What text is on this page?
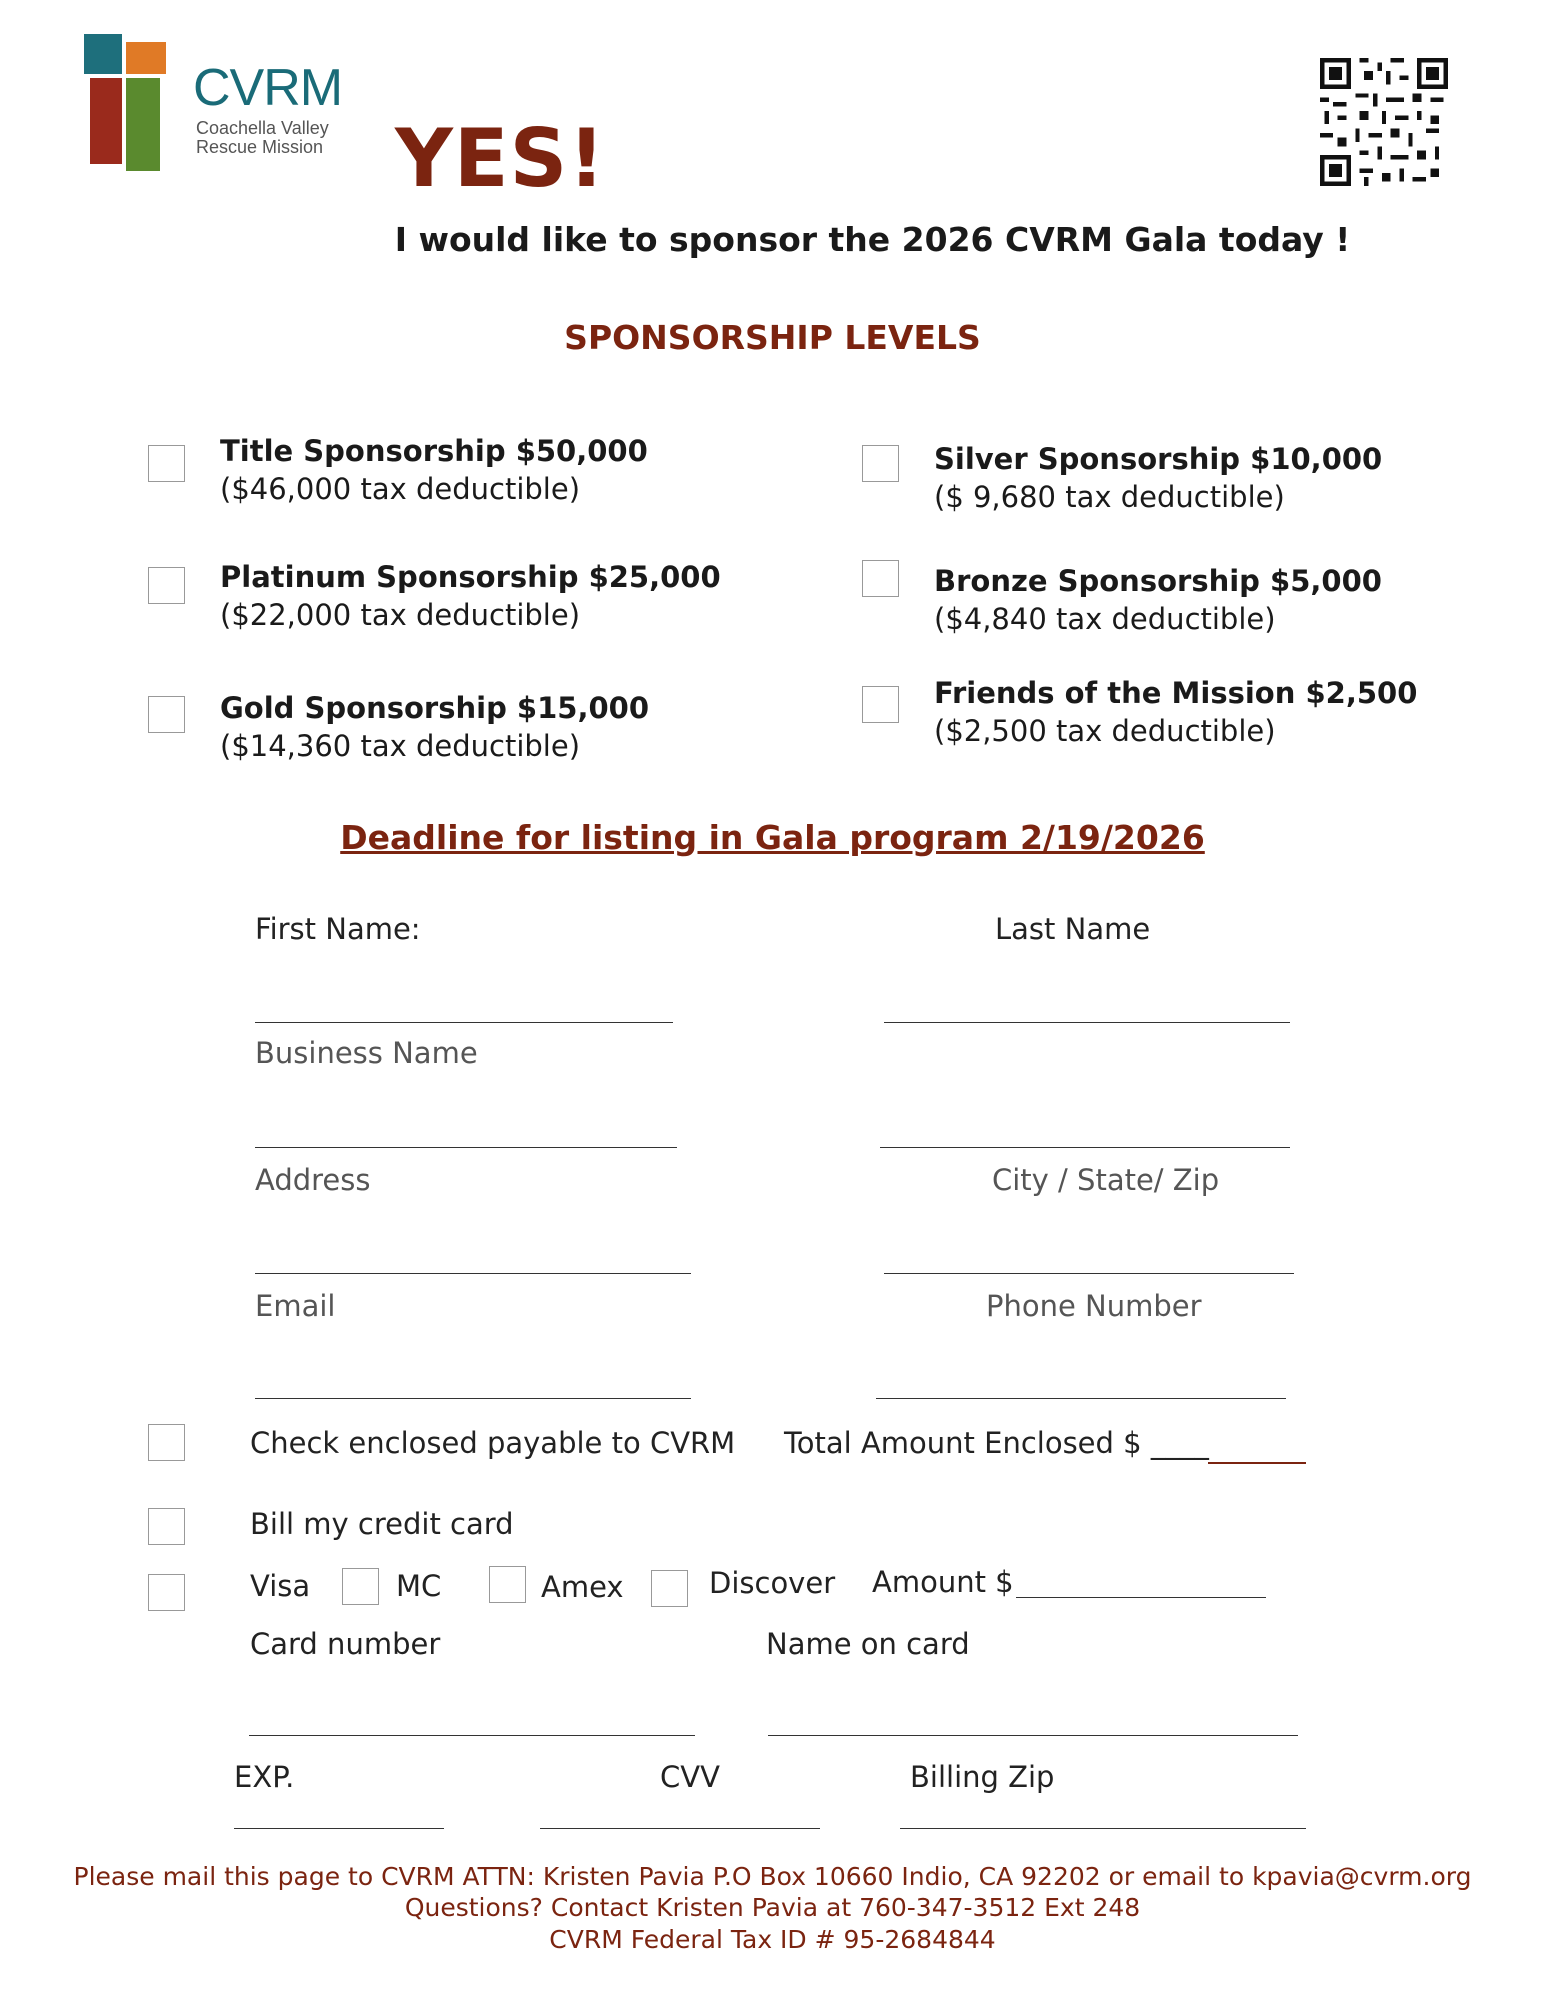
CVRM
Coachella Valley
Rescue Mission YES!
I would like to sponsor the 2026 CVRM Gala today !
SPONSORSHIP LEVELS
Title Sponsorship $50,000
($46,000 tax deductible)
Platinum Sponsorship $25,000
($22,000 tax deductible)
Gold Sponsorship $15,000
($14,360 tax deductible)
Silver Sponsorship $10,000
($ 9,680 tax deductible)
Bronze Sponsorship $5,000
($4,840 tax deductible)
Friends of the Mission $2,500
($2,500 tax deductible)
Deadline for listing in Gala program 2/19/2026
First Name:	Last Name
Business Name
Address	City / State/ Zip
Email	Phone Number
Check enclosed payable to CVRM Total Amount Enclosed $ ____
Bill my credit card
Visa	MC	Amex	Discover Amount $
Card number	Name on card
EXP.	CVV	Billing Zip
Please mail this page to CVRM ATTN: Kristen Pavia P.O Box 10660 Indio, CA 92202 or email to kpavia@cvrm.org
Questions? Contact Kristen Pavia at 760-347-3512 Ext 248
CVRM Federal Tax ID # 95-2684844
